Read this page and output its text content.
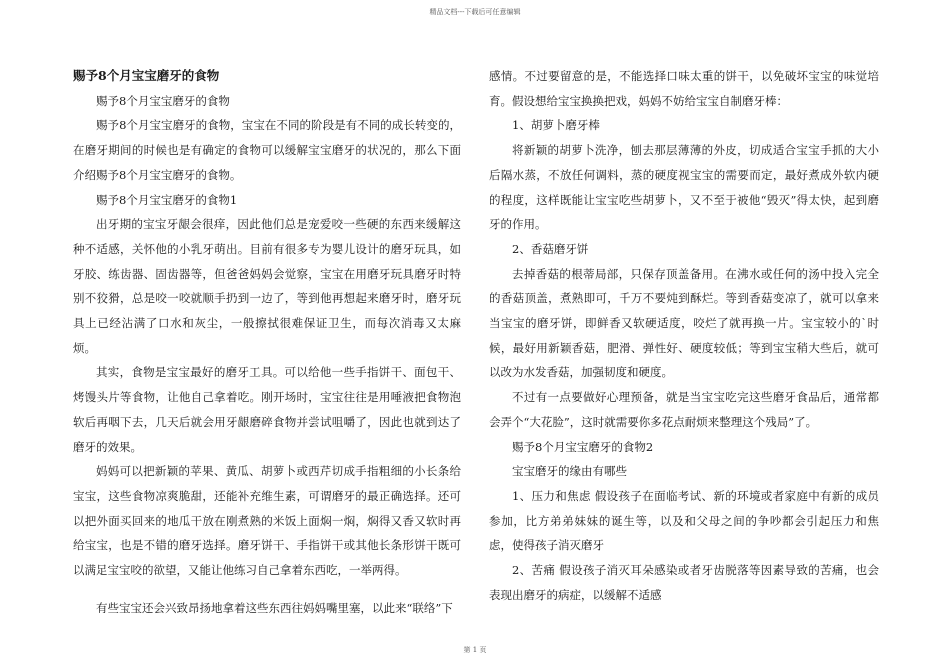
精品文档---下载后可任意编辑

赐予8个月宝宝磨牙的食物

赐予8个月宝宝磨牙的食物

赐予8个月宝宝磨牙的食物，宝宝在不同的阶段是有不同的成长转变的，在磨牙期间的时候也是有确定的食物可以缓解宝宝磨牙的状况的，那么下面介绍赐予8个月宝宝磨牙的食物。

赐予8个月宝宝磨牙的食物1

出牙期的宝宝牙龈会很痒，因此他们总是宠爱咬一些硬的东西来缓解这种不适感，关怀他的小乳牙萌出。目前有很多专为婴儿设计的磨牙玩具，如牙胶、练齿器、固齿器等，但爸爸妈妈会觉察，宝宝在用磨牙玩具磨牙时特别不狡猾，总是咬一咬就顺手扔到一边了，等到他再想起来磨牙时，磨牙玩具上已经沾满了口水和灰尘，一般擦拭很难保证卫生，而每次消毒又太麻烦。

其实，食物是宝宝最好的磨牙工具。可以给他一些手指饼干、面包干、烤馒头片等食物，让他自己拿着吃。刚开场时，宝宝往往是用唾液把食物泡软后再咽下去，几天后就会用牙龈磨碎食物并尝试咀嚼了，因此也就到达了磨牙的效果。

妈妈可以把新颖的苹果、黄瓜、胡萝卜或西芹切成手指粗细的小长条给宝宝，这些食物凉爽脆甜，还能补充维生素，可谓磨牙的最正确选择。还可以把外面买回来的地瓜干放在刚煮熟的米饭上面焖一焖，焖得又香又软时再给宝宝，也是不错的磨牙选择。磨牙饼干、手指饼干或其他长条形饼干既可以满足宝宝咬的欲望，又能让他练习自己拿着东西吃，一举两得。

有些宝宝还会兴致昂扬地拿着这些东西往妈妈嘴里塞，以此来“联络”下

感情。不过要留意的是，不能选择口味太重的饼干，以免破坏宝宝的味觉培育。假设想给宝宝换换把戏，妈妈不妨给宝宝自制磨牙棒：

1、胡萝卜磨牙棒

将新颖的胡萝卜洗净，刨去那层薄薄的外皮，切成适合宝宝手抓的大小后隔水蒸，不放任何调料，蒸的硬度视宝宝的需要而定，最好煮成外软内硬的程度，这样既能让宝宝吃些胡萝卜，又不至于被他“毁灭”得太快，起到磨牙的作用。

2、香菇磨牙饼

去掉香菇的根蒂局部，只保存顶盖备用。在沸水或任何的汤中投入完全的香菇顶盖，煮熟即可，千万不要炖到酥烂。等到香菇变凉了，就可以拿来当宝宝的磨牙饼，即鲜香又软硬适度，咬烂了就再换一片。宝宝较小的`时候，最好用新颖香菇，肥滑、弹性好、硬度较低；等到宝宝稍大些后，就可以改为水发香菇，加强韧度和硬度。

不过有一点要做好心理预备，就是当宝宝吃完这些磨牙食品后，通常都会弄个“大花脸”，这时就需要你多花点耐烦来整理这个残局”了。

赐予8个月宝宝磨牙的食物2

宝宝磨牙的缘由有哪些

1、压力和焦虑 假设孩子在面临考试、新的环境或者家庭中有新的成员参加，比方弟弟妹妹的诞生等，以及和父母之间的争吵都会引起压力和焦虑，使得孩子消灭磨牙

2、苦痛 假设孩子消灭耳朵感染或者牙齿脱落等因素导致的苦痛，也会表现出磨牙的病症，以缓解不适感

第 1 页
